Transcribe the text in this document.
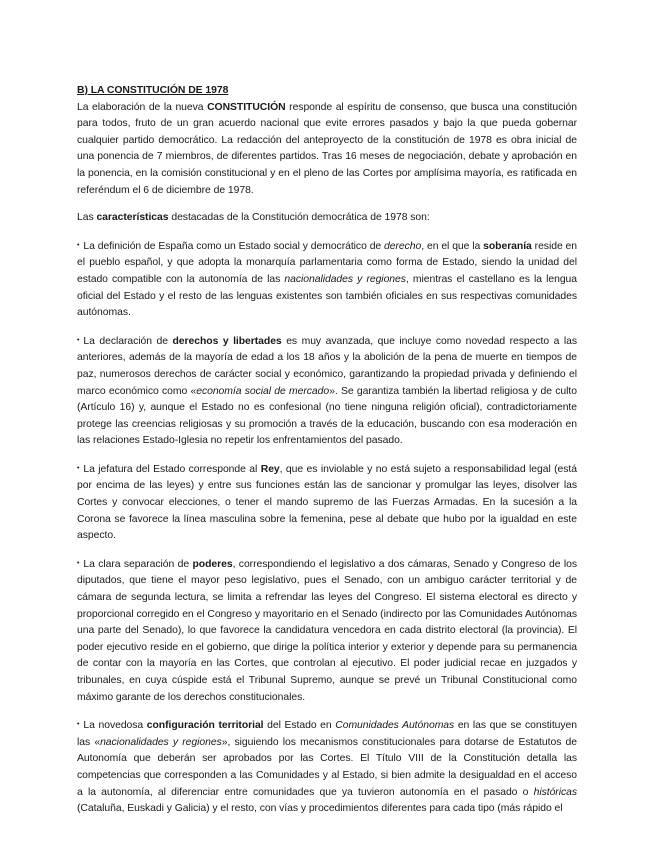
B) LA CONSTITUCIÓN DE 1978

La elaboración de la nueva CONSTITUCIÓN responde al espíritu de consenso, que busca una constitución para todos, fruto de un gran acuerdo nacional que evite errores pasados y bajo la que pueda gobernar cualquier partido democrático. La redacción del anteproyecto de la constitución de 1978 es obra inicial de una ponencia de 7 miembros, de diferentes partidos. Tras 16 meses de negociación, debate y aprobación en la ponencia, en la comisión constitucional y en el pleno de las Cortes por amplísima mayoría, es ratificada en referéndum el 6 de diciembre de 1978.

Las características destacadas de la Constitución democrática de 1978 son:

• La definición de España como un Estado social y democrático de derecho, en el que la soberanía reside en el pueblo español, y que adopta la monarquía parlamentaria como forma de Estado, siendo la unidad del estado compatible con la autonomía de las nacionalidades y regiones, mientras el castellano es la lengua oficial del Estado y el resto de las lenguas existentes son también oficiales en sus respectivas comunidades autónomas.

• La declaración de derechos y libertades es muy avanzada, que incluye como novedad respecto a las anteriores, además de la mayoría de edad a los 18 años y la abolición de la pena de muerte en tiempos de paz, numerosos derechos de carácter social y económico, garantizando la propiedad privada y definiendo el marco económico como «economía social de mercado». Se garantiza también la libertad religiosa y de culto (Artículo 16) y, aunque el Estado no es confesional (no tiene ninguna religión oficial), contradictoriamente protege las creencias religiosas y su promoción a través de la educación, buscando con esa moderación en las relaciones Estado-Iglesia no repetir los enfrentamientos del pasado.

• La jefatura del Estado corresponde al Rey, que es inviolable y no está sujeto a responsabilidad legal (está por encima de las leyes) y entre sus funciones están las de sancionar y promulgar las leyes, disolver las Cortes y convocar elecciones, o tener el mando supremo de las Fuerzas Armadas. En la sucesión a la Corona se favorece la línea masculina sobre la femenina, pese al debate que hubo por la igualdad en este aspecto.

• La clara separación de poderes, correspondiendo el legislativo a dos cámaras, Senado y Congreso de los diputados, que tiene el mayor peso legislativo, pues el Senado, con un ambiguo carácter territorial y de cámara de segunda lectura, se limita a refrendar las leyes del Congreso. El sistema electoral es directo y proporcional corregido en el Congreso y mayoritario en el Senado (indirecto por las Comunidades Autónomas una parte del Senado), lo que favorece la candidatura vencedora en cada distrito electoral (la provincia). El poder ejecutivo reside en el gobierno, que dirige la política interior y exterior y depende para su permanencia de contar con la mayoría en las Cortes, que controlan al ejecutivo. El poder judicial recae en juzgados y tribunales, en cuya cúspide está el Tribunal Supremo, aunque se prevé un Tribunal Constitucional como máximo garante de los derechos constitucionales.

• La novedosa configuración territorial del Estado en Comunidades Autónomas en las que se constituyen las «nacionalidades y regiones», siguiendo los mecanismos constitucionales para dotarse de Estatutos de Autonomía que deberán ser aprobados por las Cortes. El Título VIII de la Constitución detalla las competencias que corresponden a las Comunidades y al Estado, si bien admite la desigualdad en el acceso a la autonomía, al diferenciar entre comunidades que ya tuvieron autonomía en el pasado o históricas (Cataluña, Euskadi y Galicia) y el resto, con vías y procedimientos diferentes para cada tipo (más rápido el
